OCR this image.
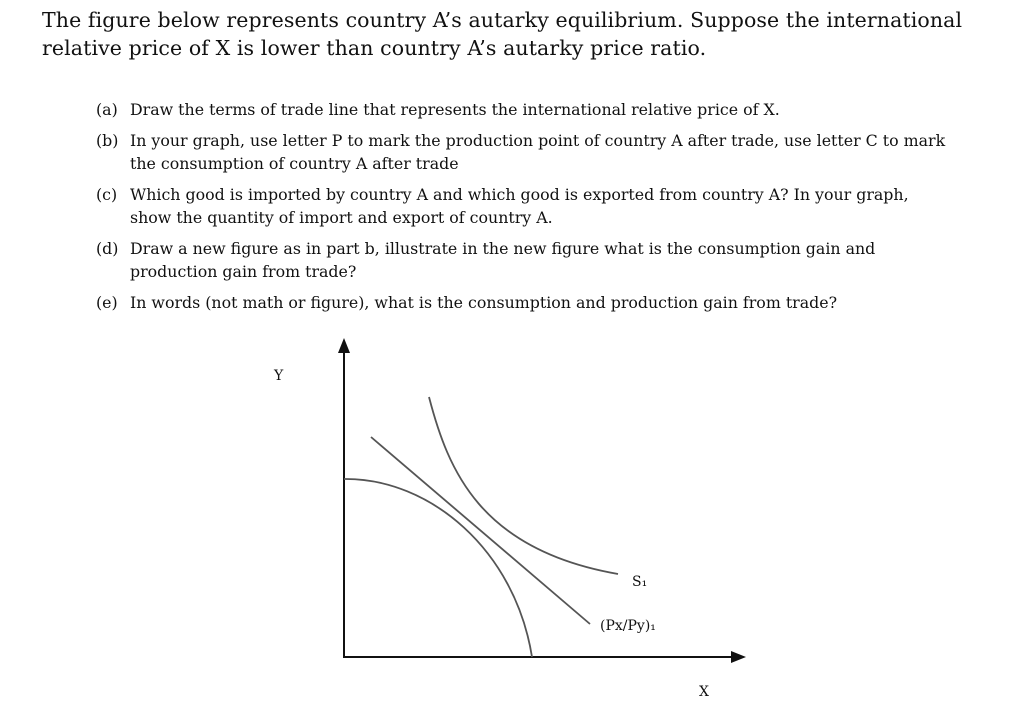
The figure below represents country A’s autarky equilibrium. Suppose the international relative price of X is lower than country A’s autarky price ratio.
(a) Draw the terms of trade line that represents the international relative price of X.
(b) In your graph, use letter P to mark the production point of country A after trade, use letter C to mark the consumption of country A after trade
(c) Which good is imported by country A and which good is exported from country A? In your graph, show the quantity of import and export of country A.
(d) Draw a new figure as in part b, illustrate in the new figure what is the consumption gain and production gain from trade?
(e) In words (not math or figure), what is the consumption and production gain from trade?
Y
X
S₁
(Px/Py)₁
